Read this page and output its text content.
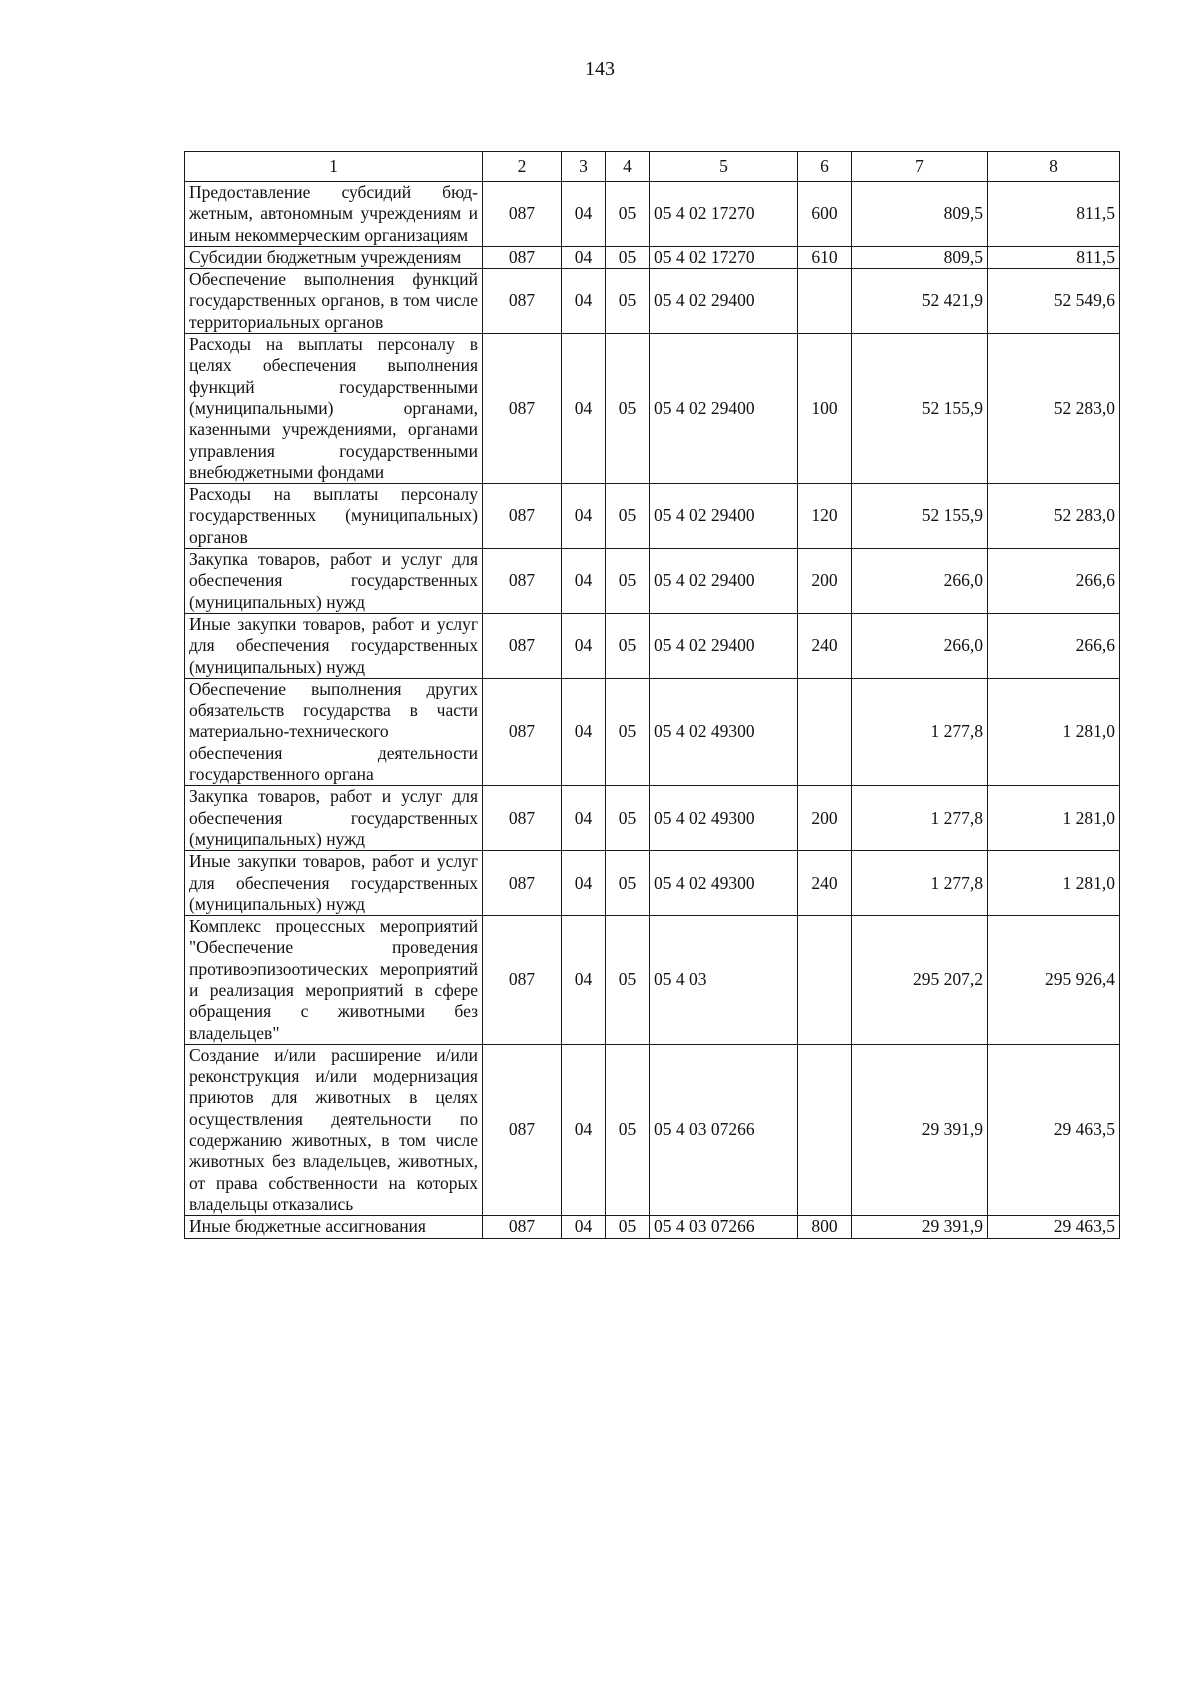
143
1	2	3	4	5	6	7	8
Предоставление субсидий бюджетным, автономным учреждениям и иным некоммерческим организациям	087	04	05	05 4 02 17270	600	809,5	811,5
Субсидии бюджетным учреждениям	087	04	05	05 4 02 17270	610	809,5	811,5
Обеспечение выполнения функций государственных органов, в том числе территориальных органов	087	04	05	05 4 02 29400		52 421,9	52 549,6
Расходы на выплаты персоналу в целях обеспечения выполнения функций государственными (муниципальными) органами, казенными учреждениями, органами управления государственными внебюджетными фондами	087	04	05	05 4 02 29400	100	52 155,9	52 283,0
Расходы на выплаты персоналу государственных (муниципальных) органов	087	04	05	05 4 02 29400	120	52 155,9	52 283,0
Закупка товаров, работ и услуг для обеспечения государственных (муниципальных) нужд	087	04	05	05 4 02 29400	200	266,0	266,6
Иные закупки товаров, работ и услуг для обеспечения государственных (муниципальных) нужд	087	04	05	05 4 02 29400	240	266,0	266,6
Обеспечение выполнения других обязательств государства в части материально-технического обеспечения деятельности государственного органа	087	04	05	05 4 02 49300		1 277,8	1 281,0
Закупка товаров, работ и услуг для обеспечения государственных (муниципальных) нужд	087	04	05	05 4 02 49300	200	1 277,8	1 281,0
Иные закупки товаров, работ и услуг для обеспечения государственных (муниципальных) нужд	087	04	05	05 4 02 49300	240	1 277,8	1 281,0
Комплекс процессных мероприятий "Обеспечение проведения противоэпизоотических мероприятий и реализация мероприятий в сфере обращения с животными без владельцев"	087	04	05	05 4 03		295 207,2	295 926,4
Создание и/или расширение и/или реконструкция и/или модернизация приютов для животных в целях осуществления деятельности по содержанию животных, в том числе животных без владельцев, животных, от права собственности на которых владельцы отказались	087	04	05	05 4 03 07266		29 391,9	29 463,5
Иные бюджетные ассигнования	087	04	05	05 4 03 07266	800	29 391,9	29 463,5
